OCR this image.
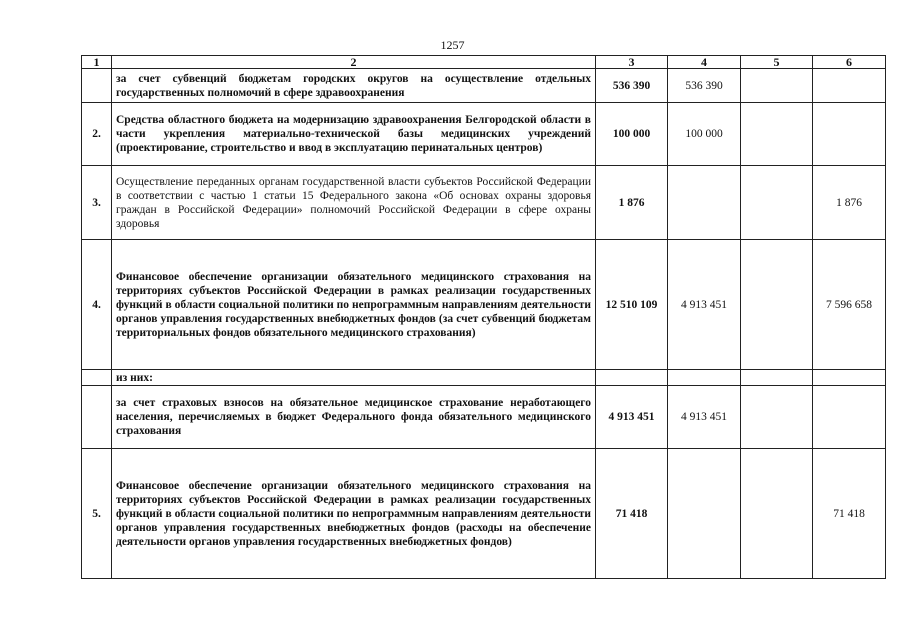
1257
1	2	3	4	5	6

	за счет субвенций бюджетам городских округов на осуществление отдельных государственных полномочий в сфере здравоохранения	536 390	536 390		
2.	Средства областного бюджета на модернизацию здравоохранения Белгородской области в части укрепления материально-технической базы медицинских учреждений (проектирование, строительство и ввод в эксплуатацию перинатальных центров)	100 000	100 000		
3.	Осуществление переданных органам государственной власти субъектов Российской Федерации в соответствии с частью 1 статьи 15 Федерального закона «Об основах охраны здоровья граждан в Российской Федерации» полномочий Российской Федерации в сфере охраны здоровья	1 876			1 876
4.	Финансовое обеспечение организации обязательного медицинского страхования на территориях субъектов Российской Федерации в рамках реализации государственных функций в области социальной политики по непрограммным направлениям деятельности органов управления государственных внебюджетных фондов (за счет субвенций бюджетам территориальных фондов обязательного медицинского страхования)	12 510 109	4 913 451		7 596 658

	из них:				

	за счет страховых взносов на обязательное медицинское страхование неработающего населения, перечисляемых в бюджет Федерального фонда обязательного медицинского страхования	4 913 451	4 913 451		
5.	Финансовое обеспечение организации обязательного медицинского страхования на территориях субъектов Российской Федерации в рамках реализации государственных функций в области социальной политики по непрограммным направлениям деятельности органов управления государственных внебюджетных фондов (расходы на обеспечение деятельности органов управления государственных внебюджетных фондов)	71 418			71 418
